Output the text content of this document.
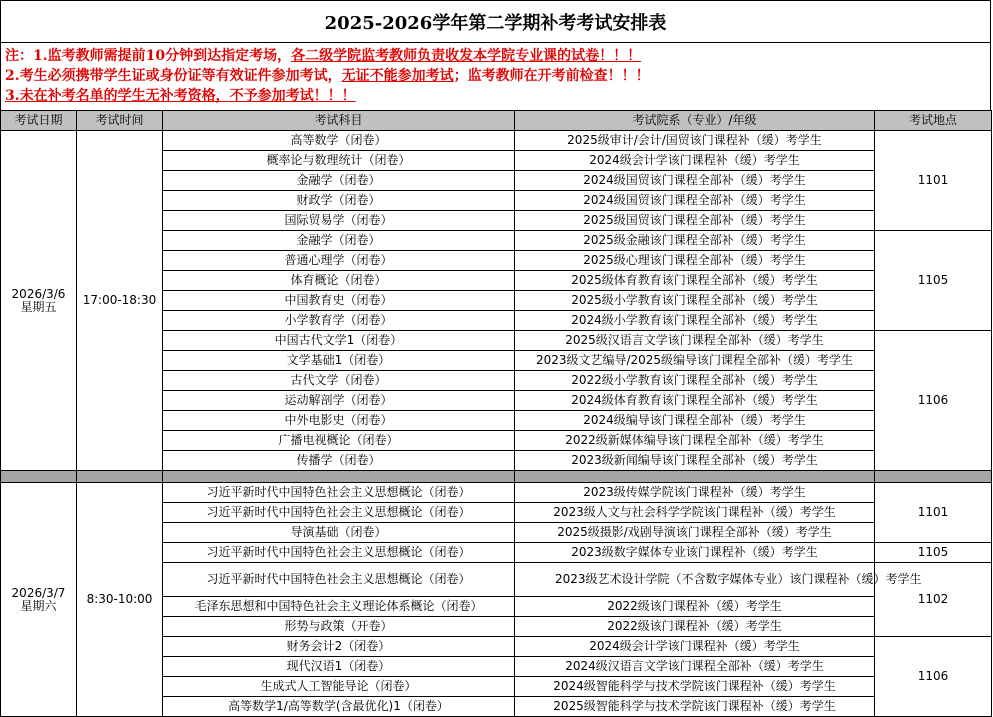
2025-2026学年第二学期补考考试安排表
注：1.监考教师需提前10分钟到达指定考场，各二级学院监考教师负责收发本学院专业课的试卷！！！
2.考生必须携带学生证或身份证等有效证件参加考试，无证不能参加考试；监考教师在开考前检查！！！
3.未在补考名单的学生无补考资格，不予参加考试！！！
考试日期	考试时间	考试科目	考试院系（专业）/年级	考试地点

2026/3/6
星期五	17:00-18:30	高等数学（闭卷）	2025级审计/会计/国贸该门课程补（缓）考学生	1101
		概率论与数理统计（闭卷）	2024级会计学该门课程补（缓）考学生	
		金融学（闭卷）	2024级国贸该门课程全部补（缓）考学生	
		财政学（闭卷）	2024级国贸该门课程全部补（缓）考学生	
		国际贸易学（闭卷）	2025级国贸该门课程全部补（缓）考学生	
		金融学（闭卷）	2025级金融该门课程全部补（缓）考学生	1105
		普通心理学（闭卷）	2025级心理该门课程全部补（缓）考学生	
		体育概论（闭卷）	2025级体育教育该门课程全部补（缓）考学生	
		中国教育史（闭卷）	2025级小学教育该门课程全部补（缓）考学生	
		小学教育学（闭卷）	2024级小学教育该门课程全部补（缓）考学生	
		中国古代文学1（闭卷）	2025级汉语言文学该门课程全部补（缓）考学生	1106
		文学基础1（闭卷）	2023级文艺编导/2025级编导该门课程全部补（缓）考学生	
		古代文学（闭卷）	2022级小学教育该门课程全部补（缓）考学生	
		运动解剖学（闭卷）	2024级体育教育该门课程全部补（缓）考学生	
		中外电影史（闭卷）	2024级编导该门课程全部补（缓）考学生	
		广播电视概论（闭卷）	2022级新媒体编导该门课程全部补（缓）考学生	
		传播学（闭卷）	2023级新闻编导该门课程全部补（缓）考学生	

2026/3/7
星期六	8:30-10:00	习近平新时代中国特色社会主义思想概论（闭卷）	2023级传媒学院该门课程补（缓）考学生	1101
		习近平新时代中国特色社会主义思想概论（闭卷）	2023级人文与社会科学学院该门课程补（缓）考学生	
		导演基础（闭卷）	2025级摄影/戏剧导演该门课程全部补（缓）考学生	
		习近平新时代中国特色社会主义思想概论（闭卷）	2023级数字媒体专业该门课程补（缓）考学生	1105
		习近平新时代中国特色社会主义思想概论（闭卷）	2023级艺术设计学院（不含数字媒体专业）该门课程补（缓）考学生	1102
		毛泽东思想和中国特色社会主义理论体系概论（闭卷）	2022级该门课程补（缓）考学生	
		形势与政策（开卷）	2022级该门课程补（缓）考学生	
		财务会计2（闭卷）	2024级会计学该门课程补（缓）考学生	1106
		现代汉语1（闭卷）	2024级汉语言文学该门课程全部补（缓）考学生	
		生成式人工智能导论（闭卷）	2024级智能科学与技术学院该门课程补（缓）考学生	
		高等数学1/高等数学(含最优化)1（闭卷）	2025级智能科学与技术学院该门课程补（缓）考学生	
